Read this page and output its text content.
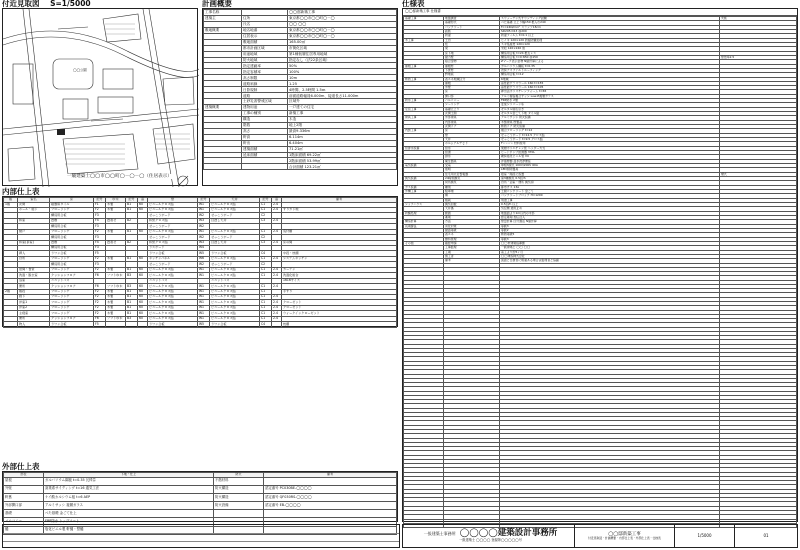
付近見取図 S=1/5000
◯◯公園
一級建築士◯◯市◯◯町◯－◯－◯（住居表示）
計画概要
工事名称		◯◯邸新築工事
建築主	住所	東京都◯◯市◯◯町◯－◯
	氏名	◯◯ ◯◯
敷地概要	地名地番	東京都◯◯市◯◯町◯－◯
	住居表示	東京都◯◯市◯◯町◯－◯
	敷地面積	165.00㎡
	都市計画区域	市街化区域
	用途地域	第1種低層住居専用地域
	防火地域	指定なし（法22条区域）
	指定建蔽率	50%
	指定容積率	100%
	高さ制限	10m
	道路斜線	1.25
	日影規制	4時間、2.5時間 1.5ｍ
	道路	前面道路幅員6.000m、接道長さ11.000m
	土砂災害警戒区域	区域外
建築概要	建物用途	一戸建ての住宅
	工事の種別	新築工事
	構造	木造
	階数	地上2階
	高さ	最高9.336m
	軒高	6.114m
	軒出	6.404m
	建築面積	71.21㎡
	延床面積	1階床面積 69.22㎡
		2階床面積 53.99㎡
		合計面積 123.21㎡
内部仕上表
階	室名	床	記号	巾木	記号	高	壁	記号	天井	記号	高	備考
1階	玄関	磁器質タイル	F1	木製	B1	60	ビニールクロス貼	W1	ビニールクロス貼	C1	2.4	
	ホール・廊下	フローリング	F2	木製	B1	60	ビニールクロス貼	W1	ビニールクロス貼	C1	2.4	すりガ下地
		構造用合板	F3				せっこうボード	W2	せっこうボード	C2		
	和室	畳敷	F4	畳寄せ	B2		和紙クロス貼	W3	目透し天井	C3	2.4	
		構造用合板	F3				せっこうボード	W2				
	納戸	フローリング	F2	木製	B1	60	ビニールクロス貼	W1	ビニールクロス貼	C1	2.4	造付棚
		構造用合板	F3				せっこうボード	W2	せっこうボード	C2		
	和室(茶室)	畳敷	F4	畳寄せ	B2		和紙クロス貼	W3	目透し天井	C3	2.4	床の間
		構造用合板	F3				ラスボード	W4				
	押入	ラワン合板	F5				ラワン合板	W5	ラワン合板	C4		中段・枕棚
	台所	フローリング	F2	木製	B1	60	キッチンパネル	W6	ビニールクロス貼	C1	2.4	システムキッチン
		構造用合板	F3				せっこうボード	W2	せっこうボード	C2		
	居間・食堂	フローリング	F2	木製	B1	60	ビニールクロス貼	W1	ビニールクロス貼	C1	2.4	カーテン
	洗面・脱衣室	クッションフロア	F6	ソフト巾木	B3	60	ビニールクロス貼	W1	ビニールクロス貼	C1	2.4	洗面化粧台
	浴室	ユニットバス					ユニットバス		ユニットバス			1616サイズ
	便所	クッションフロア	F6	ソフト巾木	B3	60	ビニールクロス貼	W1	ビニールクロス貼	C1	2.4	
2階	階段	フローリング	F2	木製	B1	60	ビニールクロス貼	W1	ビニールクロス貼	C1		手すり
	廊下	フローリング	F2	木製	B1	60	ビニールクロス貼	W1	ビニールクロス貼	C1	2.4	
	洋室1	フローリング	F2	木製	B1	60	ビニールクロス貼	W1	ビニールクロス貼	C1	2.4	クローゼット
	洋室2	フローリング	F2	木製	B1	60	ビニールクロス貼	W1	ビニールクロス貼	C1	2.4	クローゼット
	主寝室	フローリング	F2	木製	B1	60	ビニールクロス貼	W1	ビニールクロス貼	C1	2.4	ウォークインクローゼット
	便所	クッションフロア	F6	ソフト巾木	B3	60	ビニールクロス貼	W1	ビニールクロス貼	C1	2.4	
	物入	ラワン合板	F5				ラワン合板	W5	ラワン合板	C4		枕棚
外部仕上表
部位	下地・仕上	防火	備考
屋根	ガルバリウム鋼板 t=0.35 瓦棒葺	不燃材料	
外壁	窯業系サイディング t=16 通気工法	防火構造	認定番号 PC030BE-◯◯◯◯
軒裏	ケイ酸カルシウム板 t=6 AEP	防火構造	認定番号 QF030RS-◯◯◯◯
外部開口部	アルミサッシ 複層ガラス	防火設備	認定番号 EB-◯◯◯◯
基礎	べた基礎 金ごて仕上		
バルコニー	FRP防水 トップコート		
樋	塩化ビニル製 軒樋・竪樋		
仕様表
◯◯邸新築工事 仕様書
基礎工事	地盤調査	スウェーデン式サウンディング試験	実施
	基礎形式	べた基礎 立上り幅150 根入れ240	
	コンクリート	Fc=24N/mm² スランプ18cm	
	鉄筋	SD295 D13 @200	
	防湿	防湿フィルム t=0.1 以上	
木工事	土台	ヒノキ 120×120 防腐防蟻処理	
	柱	スギ集成材 120×120	
	梁	米松 120×240 他	
	床下地	構造用合板 t=24 根太レス	
	耐力壁	構造用合板 t=9 N50 @150	壁倍率2.5
	接合金物	Zマーク表示金物 N値計算による	
屋根工事	屋根材	ガルバリウム鋼板 t=0.35	
	下葺材	改質アスファルトルーフィング	
	野地板	構造用合板 t=12	
断熱工事	省エネ地域区分	6地域	
	屋根	高性能グラスウール 16K t=155	
	外壁	高性能グラスウール 16K t=105	
	床	押出法ポリスチレンフォーム t=65	
	開口部	アルミ樹脂複合サッシ Low-E複層ガラス	
防水工事	バルコニー	FRP防水 2層	
	シーリング	変成シリコーン系	
左官工事	基礎立上り	モルタル刷毛引き	
	玄関土間	モルタル金ごて下地 タイル貼	
建具工事	外部建具	アルミサッシ 防火設備	
	内部建具	木製建具 既製品	
	玄関ドア	断熱ドア 防火設備	
内装工事	床	複合フローリング t=12	
	壁	せっこうボード t=12.5 クロス貼	
	天井	せっこうボード t=9.5 クロス貼	
	ホルムアルデヒド	F☆☆☆☆ 材料使用	
給排水設備	給水	架橋ポリエチレン管 ヘッダー方式	
	給湯	ヒートポンプ給湯器 370L	
	排水	硬質塩化ビニル管 VU	
	衛生器具	洋風便器 温水洗浄便座	
電気設備	受電	単相3線式 100V/200V 60A	
	照明	LED照明器具	
	住宅用火災警報器	寝室・階段に設置	煙式
換気設備	24時間換気	第3種換気 0.5回/h	
	局所換気	台所・浴室・便所 換気扇	
ガス設備	種別	都市ガス 13A	
外構工事	駐車場	土間コンクリート 金ごて	
	塀	コンクリートブロック H=1200	
	植栽	別途工事	
シックハウス	換気回数	0.5回/h 以上	
	天井裏	気密層 通気止め	
防蟻処理	範囲	地盤面より1m以内の木部	
	薬剤	認定薬剤 加圧注入	
構造計算	方法	壁量計算 四分割法 N値計算	
長期優良	劣化対策	等級3	
	耐震等級	等級2	
	省エネ	断熱等級5	
	維持管理	等級3	
その他	確認申請	◯◯市建築指導課	
	工事監理	一級建築士 ◯◯ ◯◯	
	工期	着工より約5ヶ月	
	施工者	◯◯建設株式会社	
	備考	図面と仕様書に相違ある場合は監理者と協議	

一級建築士事務所 ◯◯◯◯建築設計事務所
一級建築士 ◯◯◯◯ 登録第◯◯◯◯◯号
◯◯邸新築工事
付近見取図・計画概要・内部仕上表・外部仕上表・仕様表
1/5000	01
